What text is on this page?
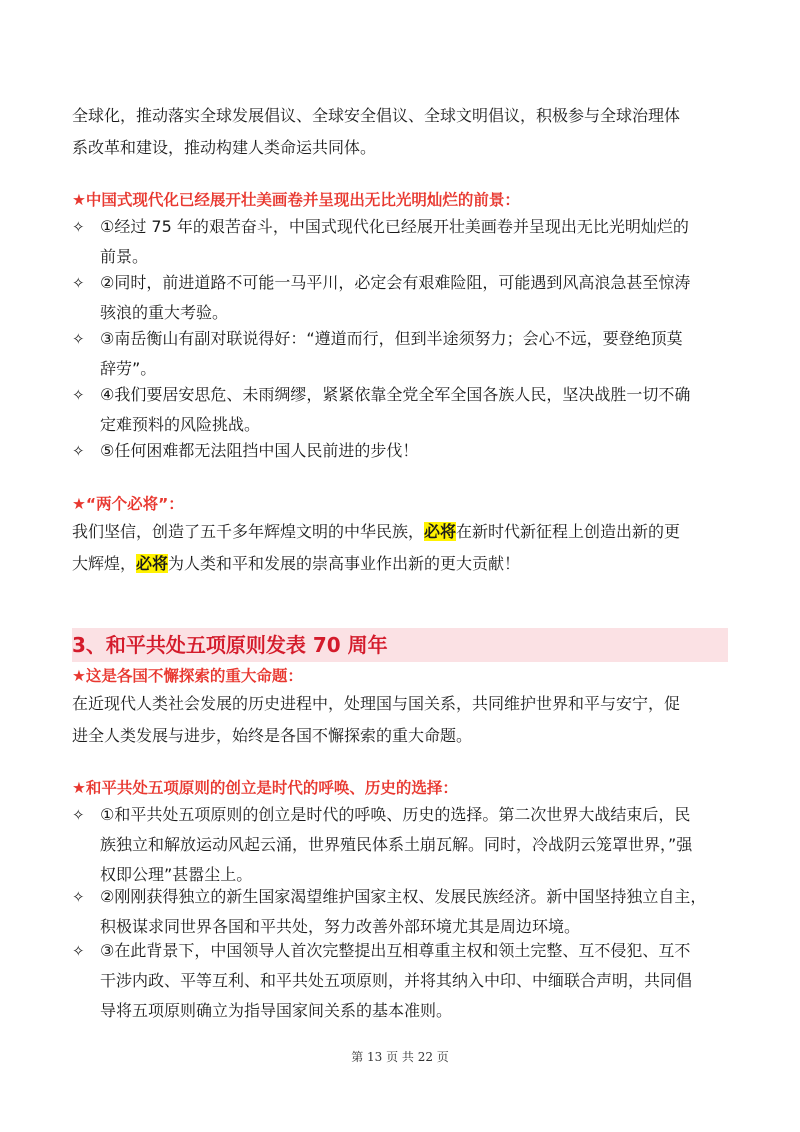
全球化，推动落实全球发展倡议、全球安全倡议、全球文明倡议，积极参与全球治理体
系改革和建设，推动构建人类命运共同体。

★中国式现代化已经展开壮美画卷并呈现出无比光明灿烂的前景：

✧ ①经过 75 年的艰苦奋斗，中国式现代化已经展开壮美画卷并呈现出无比光明灿烂的
前景。
✧ ②同时，前进道路不可能一马平川，必定会有艰难险阻，可能遇到风高浪急甚至惊涛
骇浪的重大考验。
✧ ③南岳衡山有副对联说得好：“遵道而行，但到半途须努力；会心不远，要登绝顶莫
辞劳”。
✧ ④我们要居安思危、未雨绸缪，紧紧依靠全党全军全国各族人民，坚决战胜一切不确
定难预料的风险挑战。
✧ ⑤任何困难都无法阻挡中国人民前进的步伐！

★“两个必将”：

我们坚信，创造了五千多年辉煌文明的中华民族，必将在新时代新征程上创造出新的更
大辉煌，必将为人类和平和发展的崇高事业作出新的更大贡献！
3、和平共处五项原则发表 70 周年

★这是各国不懈探索的重大命题：

在近现代人类社会发展的历史进程中，处理国与国关系，共同维护世界和平与安宁，促
进全人类发展与进步，始终是各国不懈探索的重大命题。

★和平共处五项原则的创立是时代的呼唤、历史的选择：

✧ ①和平共处五项原则的创立是时代的呼唤、历史的选择。第二次世界大战结束后，民
族独立和解放运动风起云涌，世界殖民体系土崩瓦解。同时，冷战阴云笼罩世界，”强
权即公理”甚嚣尘上。
✧ ②刚刚获得独立的新生国家渴望维护国家主权、发展民族经济。新中国坚持独立自主，
积极谋求同世界各国和平共处，努力改善外部环境尤其是周边环境。
✧ ③在此背景下，中国领导人首次完整提出互相尊重主权和领土完整、互不侵犯、互不
干涉内政、平等互利、和平共处五项原则，并将其纳入中印、中缅联合声明，共同倡
导将五项原则确立为指导国家间关系的基本准则。
第 13 页 共 22 页
